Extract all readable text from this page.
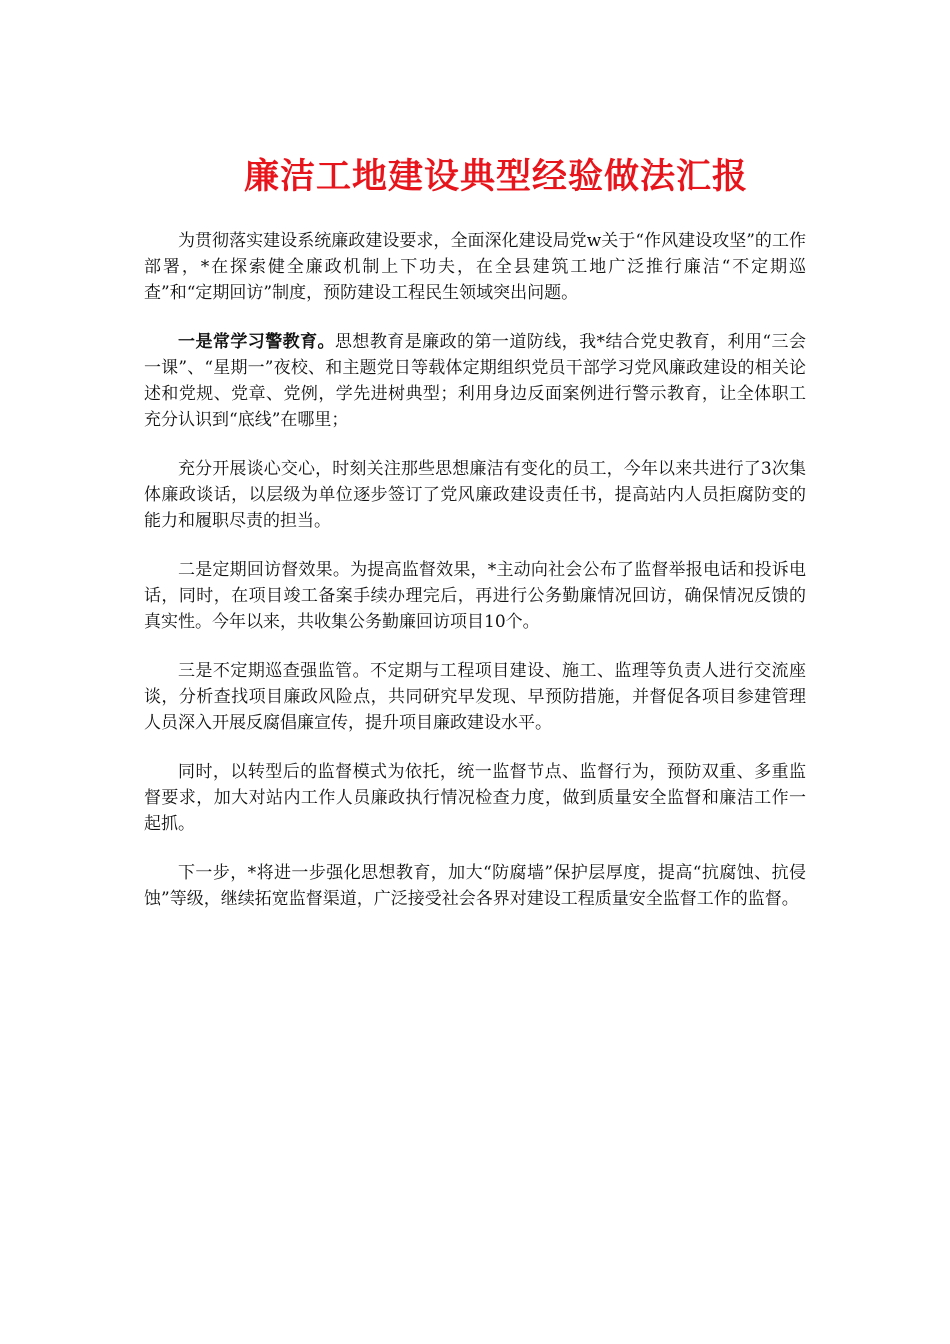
廉洁工地建设典型经验做法汇报

为贯彻落实建设系统廉政建设要求，全面深化建设局党w关于“作风建设攻坚”的工作部署，*在探索健全廉政机制上下功夫，在全县建筑工地广泛推行廉洁“不定期巡查”和“定期回访”制度，预防建设工程民生领域突出问题。

一是常学习警教育。思想教育是廉政的第一道防线，我*结合党史教育，利用“三会一课”、“星期一”夜校、和主题党日等载体定期组织党员干部学习党风廉政建设的相关论述和党规、党章、党例，学先进树典型；利用身边反面案例进行警示教育，让全体职工充分认识到“底线”在哪里；

充分开展谈心交心，时刻关注那些思想廉洁有变化的员工，今年以来共进行了3次集体廉政谈话，以层级为单位逐步签订了党风廉政建设责任书，提高站内人员拒腐防变的能力和履职尽责的担当。

二是定期回访督效果。为提高监督效果，*主动向社会公布了监督举报电话和投诉电话，同时，在项目竣工备案手续办理完后，再进行公务勤廉情况回访，确保情况反馈的真实性。今年以来，共收集公务勤廉回访项目10个。

三是不定期巡查强监管。不定期与工程项目建设、施工、监理等负责人进行交流座谈，分析查找项目廉政风险点，共同研究早发现、早预防措施，并督促各项目参建管理人员深入开展反腐倡廉宣传，提升项目廉政建设水平。

同时，以转型后的监督模式为依托，统一监督节点、监督行为，预防双重、多重监督要求，加大对站内工作人员廉政执行情况检查力度，做到质量安全监督和廉洁工作一起抓。

下一步，*将进一步强化思想教育，加大“防腐墙”保护层厚度，提高“抗腐蚀、抗侵蚀”等级，继续拓宽监督渠道，广泛接受社会各界对建设工程质量安全监督工作的监督。
